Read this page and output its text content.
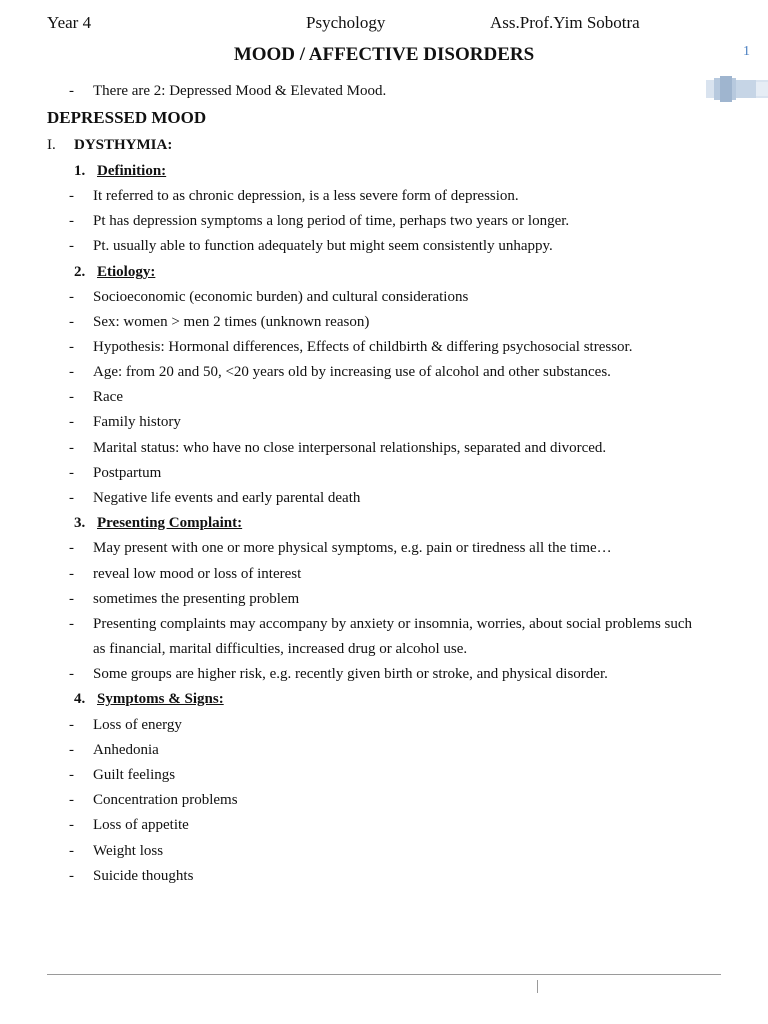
Year 4	Psychology	Ass.Prof.Yim Sobotra
1
MOOD / AFFECTIVE DISORDERS
- There are 2: Depressed Mood & Elevated Mood.
DEPRESSED MOOD
I. DYSTHYMIA:
1. Definition:
- It referred to as chronic depression, is a less severe form of depression.
- Pt has depression symptoms a long period of time, perhaps two years or longer.
- Pt. usually able to function adequately but might seem consistently unhappy.
2. Etiology:
- Socioeconomic (economic burden) and cultural considerations
- Sex: women > men 2 times (unknown reason)
- Hypothesis: Hormonal differences, Effects of childbirth & differing psychosocial stressor.
- Age: from 20 and 50, <20 years old by increasing use of alcohol and other substances.
- Race
- Family history
- Marital status: who have no close interpersonal relationships, separated and divorced.
- Postpartum
- Negative life events and early parental death
3. Presenting Complaint:
- May present with one or more physical symptoms, e.g. pain or tiredness all the time…
- reveal low mood or loss of interest
- sometimes the presenting problem
- Presenting complaints may accompany by anxiety or insomnia, worries, about social problems such
as financial, marital difficulties, increased drug or alcohol use.
- Some groups are higher risk, e.g. recently given birth or stroke, and physical disorder.
4. Symptoms & Signs:
- Loss of energy
- Anhedonia
- Guilt feelings
- Concentration problems
- Loss of appetite
- Weight loss
- Suicide thoughts
